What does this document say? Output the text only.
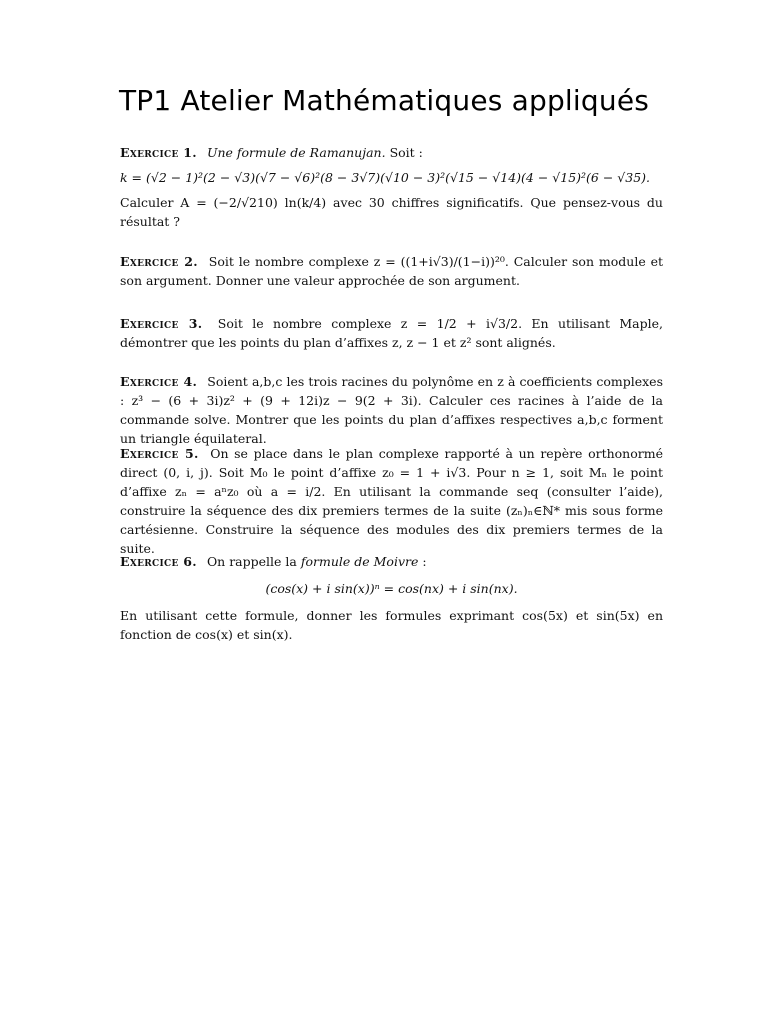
TP1 Atelier Mathématiques appliqués

Exercice 1. Une formule de Ramanujan. Soit :

k = (√2 − 1)²(2 − √3)(√7 − √6)²(8 − 3√7)(√10 − 3)²(√15 − √14)(4 − √15)²(6 − √35).

Calculer A = (−2/√210) ln(k/4) avec 30 chiffres significatifs. Que pensez-vous du résultat ?

Exercice 2. Soit le nombre complexe z = ((1+i√3)/(1−i))²⁰. Calculer son module et son argument. Donner une valeur approchée de son argument.

Exercice 3. Soit le nombre complexe z = 1/2 + i√3/2. En utilisant Maple, démontrer que les points du plan d’affixes z, z − 1 et z² sont alignés.

Exercice 4. Soient a,b,c les trois racines du polynôme en z à coefficients complexes : z³ − (6 + 3i)z² + (9 + 12i)z − 9(2 + 3i). Calculer ces racines à l’aide de la commande solve. Montrer que les points du plan d’affixes respectives a,b,c forment un triangle équilateral.

Exercice 5. On se place dans le plan complexe rapporté à un repère orthonormé direct (0, i, j). Soit M₀ le point d’affixe z₀ = 1 + i√3. Pour n ≥ 1, soit Mₙ le point d’affixe zₙ = aⁿz₀ où a = i/2. En utilisant la commande seq (consulter l’aide), construire la séquence des dix premiers termes de la suite (zₙ)ₙ∈ℕ* mis sous forme cartésienne. Construire la séquence des modules des dix premiers termes de la suite.

Exercice 6. On rappelle la formule de Moivre :

(cos(x) + i sin(x))ⁿ = cos(nx) + i sin(nx).

En utilisant cette formule, donner les formules exprimant cos(5x) et sin(5x) en fonction de cos(x) et sin(x).
